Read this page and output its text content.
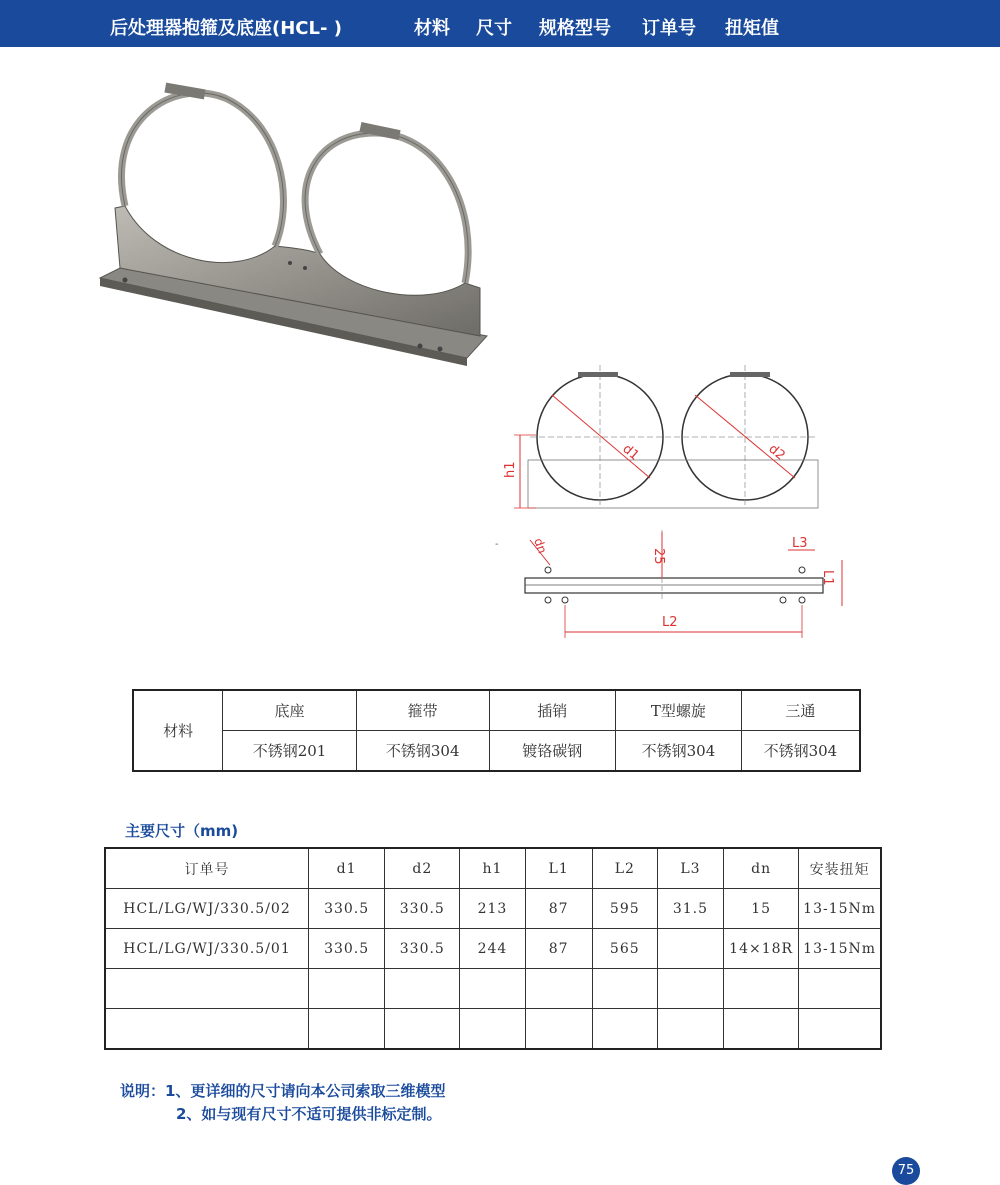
后处理器抱箍及底座(HCL- )	材料 尺寸 规格型号 订单号 扭矩值
d1	d2
h1
-	dn
25
L3
L1
L2
材料	底座	箍带	插销	T型螺旋	三通
	不锈钢201	不锈钢304	镀铬碳钢	不锈钢304	不锈钢304
主要尺寸（mm)
订单号	d1	d2	h1	L1	L2	L3	dn	安装扭矩
HCL/LG/WJ/330.5/02	330.5	330.5	213	87	595	31.5	15	13-15Nm
HCL/LG/WJ/330.5/01	330.5	330.5	244	87	565		14×18R	13-15Nm

说明：1、更详细的尺寸请向本公司索取三维模型
2、如与现有尺寸不适可提供非标定制。
75
